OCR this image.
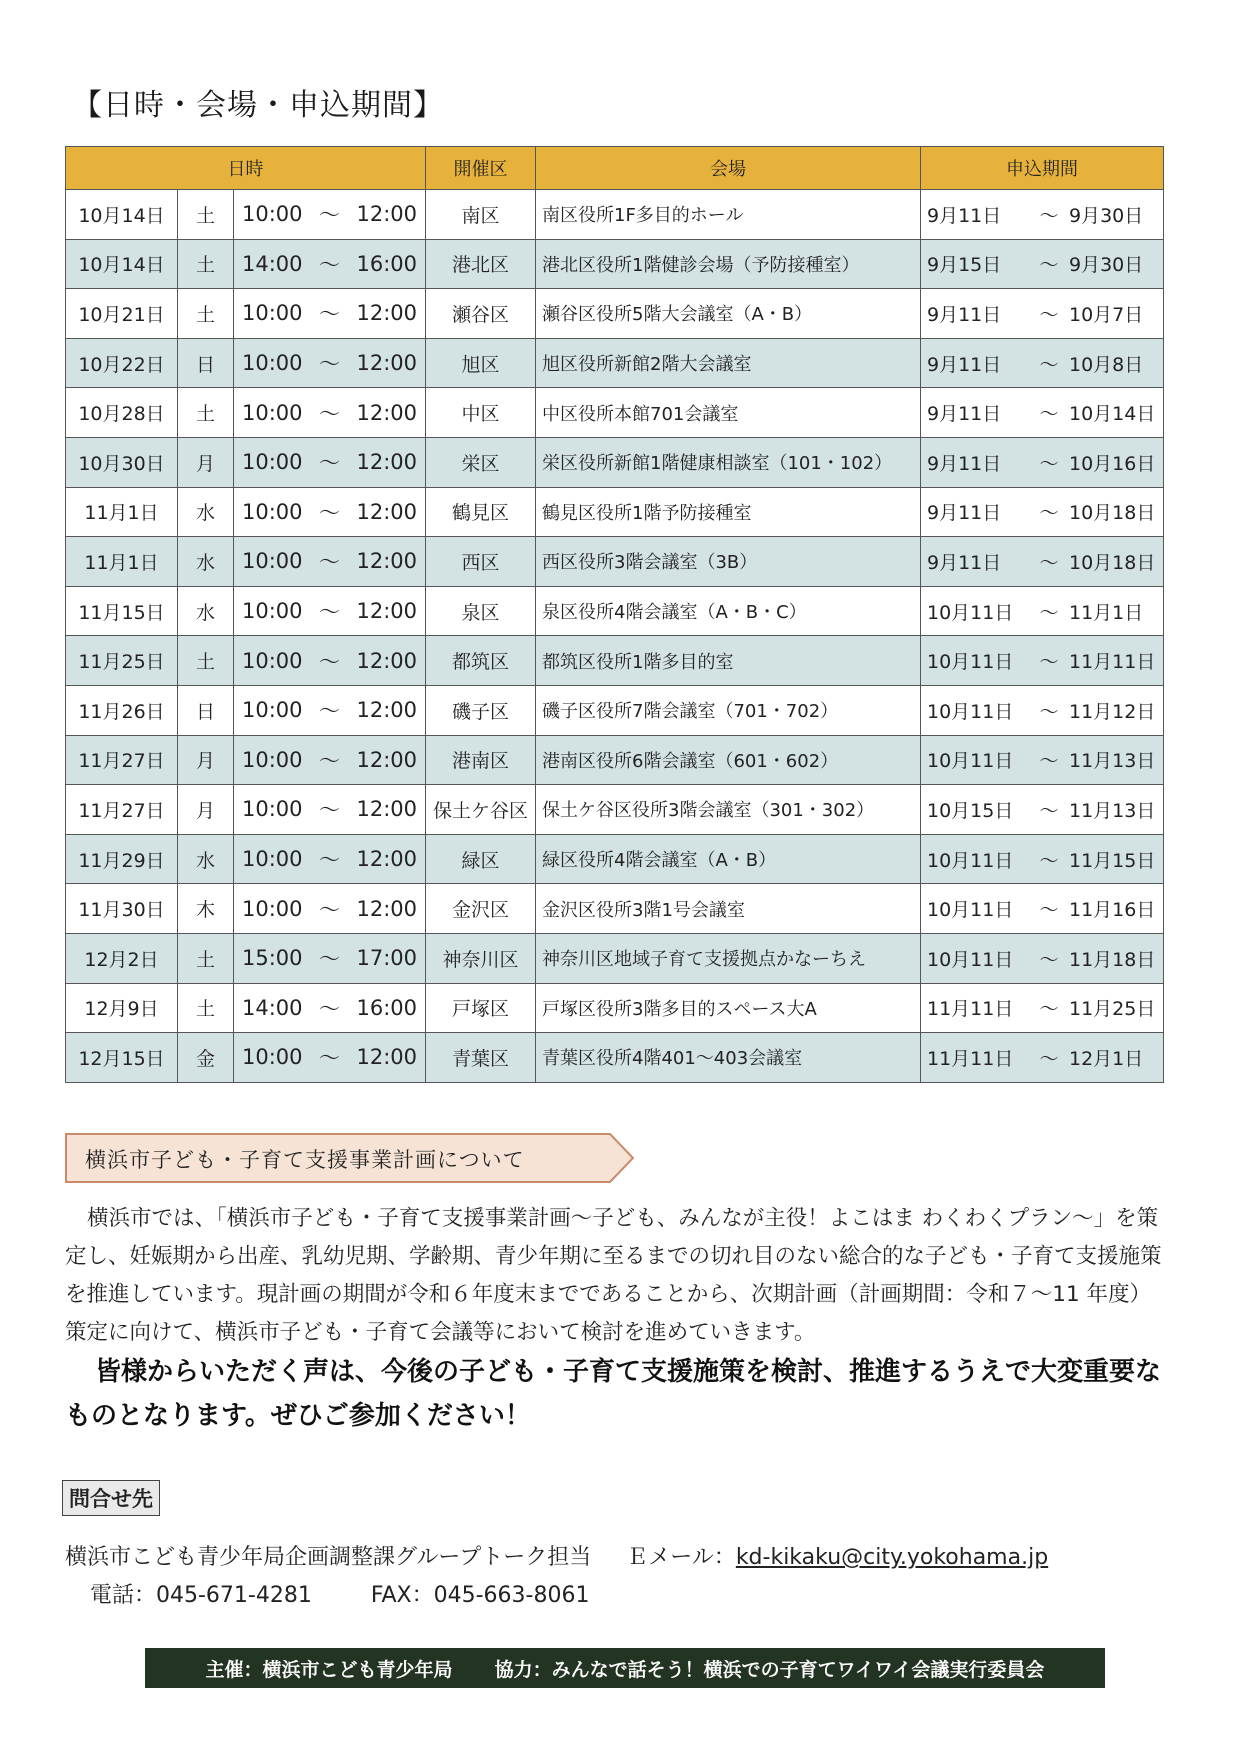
【日時・会場・申込期間】
日時			開催区	会場	申込期間
10月14日	土	10:00 ～ 12:00	南区	南区役所1F多目的ホール	9月11日 ～ 9月30日

10月14日	土	14:00 ～ 16:00	港北区	港北区役所1階健診会場（予防接種室）	9月15日 ～ 9月30日

10月21日	土	10:00 ～ 12:00	瀬谷区	瀬谷区役所5階大会議室（A・B）	9月11日 ～ 10月7日

10月22日	日	10:00 ～ 12:00	旭区	旭区役所新館2階大会議室	9月11日 ～ 10月8日

10月28日	土	10:00 ～ 12:00	中区	中区役所本館701会議室	9月11日 ～ 10月14日

10月30日	月	10:00 ～ 12:00	栄区	栄区役所新館1階健康相談室（101・102）	9月11日 ～ 10月16日

11月1日	水	10:00 ～ 12:00	鶴見区	鶴見区役所1階予防接種室	9月11日 ～ 10月18日

11月1日	水	10:00 ～ 12:00	西区	西区役所3階会議室（3B）	9月11日 ～ 10月18日

11月15日	水	10:00 ～ 12:00	泉区	泉区役所4階会議室（A・B・C）	10月11日 ～ 11月1日

11月25日	土	10:00 ～ 12:00	都筑区	都筑区役所1階多目的室	10月11日 ～ 11月11日

11月26日	日	10:00 ～ 12:00	磯子区	磯子区役所7階会議室（701・702）	10月11日 ～ 11月12日

11月27日	月	10:00 ～ 12:00	港南区	港南区役所6階会議室（601・602）	10月11日 ～ 11月13日

11月27日	月	10:00 ～ 12:00	保土ケ谷区	保土ケ谷区役所3階会議室（301・302）	10月15日 ～ 11月13日

11月29日	水	10:00 ～ 12:00	緑区	緑区役所4階会議室（A・B）	10月11日 ～ 11月15日

11月30日	木	10:00 ～ 12:00	金沢区	金沢区役所3階1号会議室	10月11日 ～ 11月16日

12月2日	土	15:00 ～ 17:00	神奈川区	神奈川区地域子育て支援拠点かなーちえ	10月11日 ～ 11月18日

12月9日	土	14:00 ～ 16:00	戸塚区	戸塚区役所3階多目的スペース大A	11月11日 ～ 11月25日

12月15日	金	10:00 ～ 12:00	青葉区	青葉区役所4階401～403会議室	11月11日 ～ 12月1日
横浜市子ども・子育て支援事業計画について

横浜市では、「横浜市子ども・子育て支援事業計画～子ども、みんなが主役！よこはま わくわくプラン～」を策定し、妊娠期から出産、乳幼児期、学齢期、青少年期に至るまでの切れ目のない総合的な子ども・子育て支援施策を推進しています。現計画の期間が令和６年度末までであることから、次期計画（計画期間：令和７～11 年度）策定に向けて、横浜市子ども・子育て会議等において検討を進めていきます。

皆様からいただく声は、今後の子ども・子育て支援施策を検討、推進するうえで大変重要なものとなります。ぜひご参加ください！

問合せ先
横浜市こども青少年局企画調整課グループトーク担当 Ｅメール：kd-kikaku@city.yokohama.jp
電話：045-671-4281	FAX：045-663-8061
主催：横浜市こども青少年局 協力：みんなで話そう！横浜での子育てワイワイ会議実行委員会
